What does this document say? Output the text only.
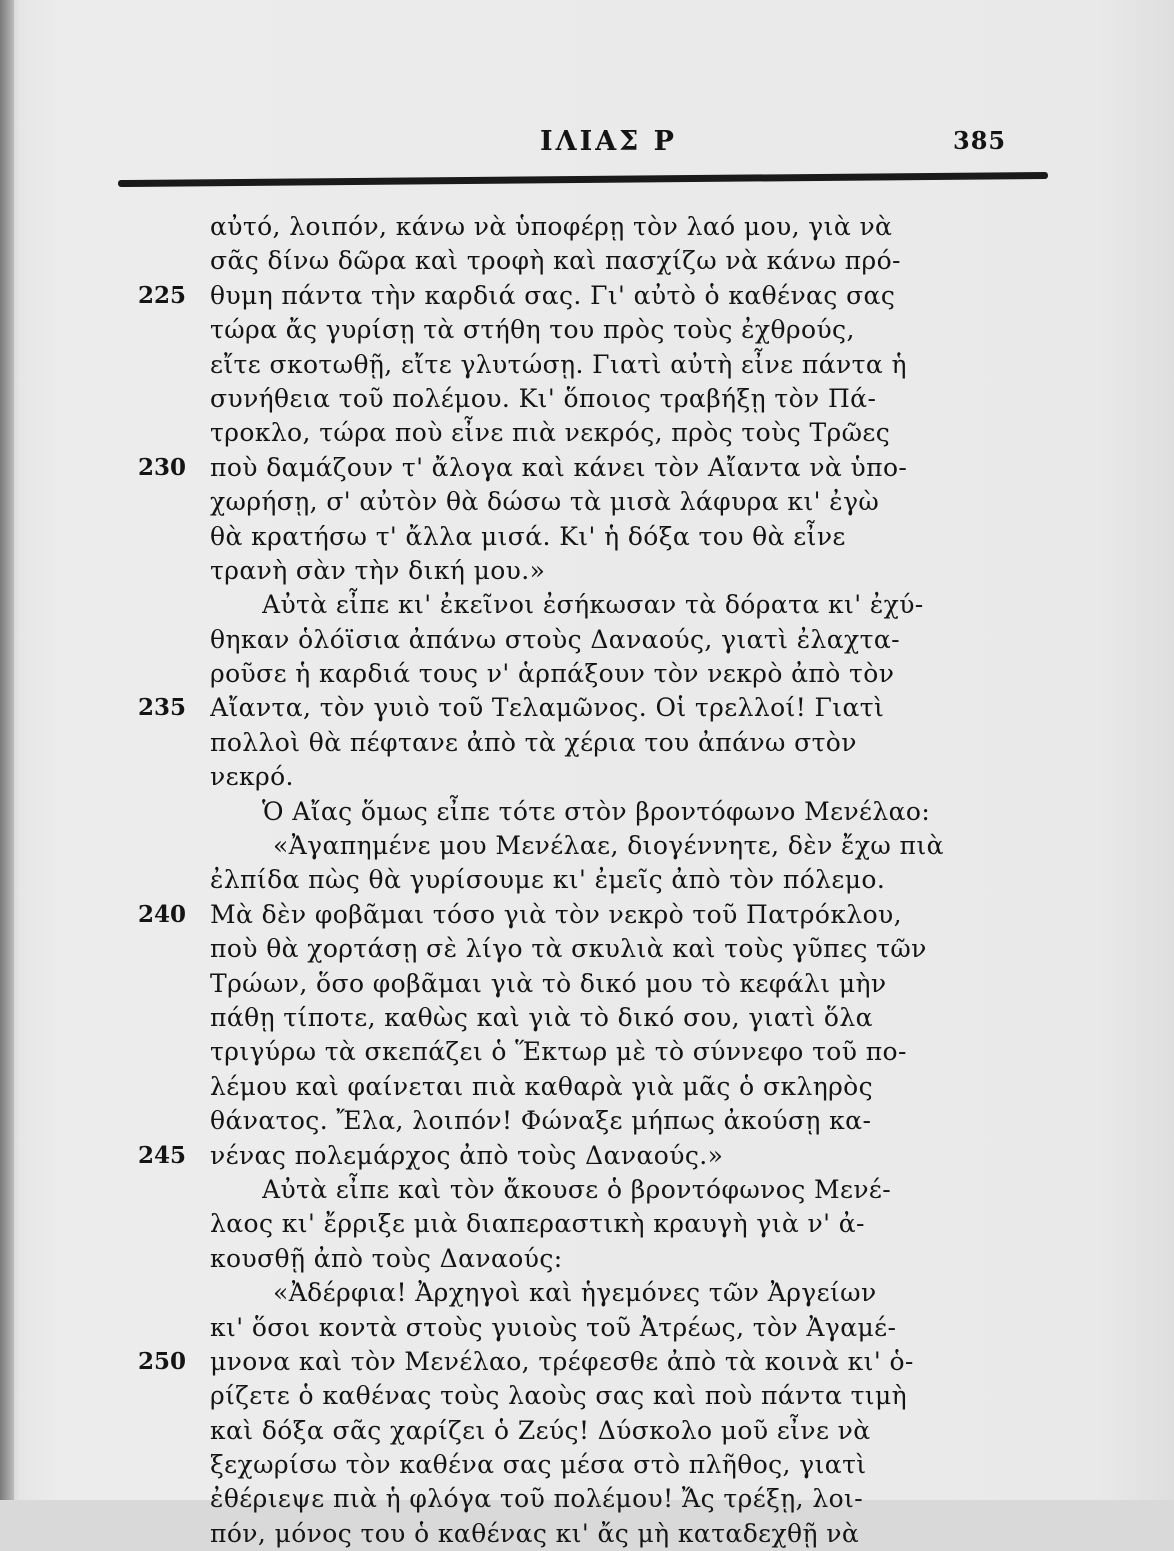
ΙΛΙΑΣ Ρ	385
αὐτό, λοιπόν, κάνω νὰ ὑποφέρῃ τὸν λαό μου, γιὰ νὰ
σᾶς δίνω δῶρα καὶ τροφὴ καὶ πασχίζω νὰ κάνω πρό-
225 θυμη πάντα τὴν καρδιά σας. Γι' αὐτὸ ὁ καθένας σας
τώρα ἄς γυρίσῃ τὰ στήθη του πρὸς τοὺς ἐχθρούς,
εἴτε σκοτωθῇ, εἴτε γλυτώσῃ. Γιατὶ αὐτὴ εἶνε πάντα ἡ
συνήθεια τοῦ πολέμου. Κι' ὅποιος τραβήξῃ τὸν Πά-
τροκλο, τώρα ποὺ εἶνε πιὰ νεκρός, πρὸς τοὺς Τρῶες
230 ποὺ δαμάζουν τ' ἄλογα καὶ κάνει τὸν Αἴαντα νὰ ὑπο-
χωρήσῃ, σ' αὐτὸν θὰ δώσω τὰ μισὰ λάφυρα κι' ἐγὼ
θὰ κρατήσω τ' ἄλλα μισά. Κι' ἡ δόξα του θὰ εἶνε
τρανὴ σὰν τὴν δική μου.»
Αὐτὰ εἶπε κι' ἐκεῖνοι ἐσήκωσαν τὰ δόρατα κι' ἐχύ-
θηκαν ὁλόϊσια ἀπάνω στοὺς Δαναούς, γιατὶ ἐλαχτα-
ροῦσε ἡ καρδιά τους ν' ἁρπάξουν τὸν νεκρὸ ἀπὸ τὸν
235 Αἴαντα, τὸν γυιὸ τοῦ Τελαμῶνος. Οἱ τρελλοί! Γιατὶ
πολλοὶ θὰ πέφτανε ἀπὸ τὰ χέρια του ἀπάνω στὸν
νεκρό.
Ὁ Αἴας ὅμως εἶπε τότε στὸν βροντόφωνο Μενέλαο:
«Ἀγαπημένε μου Μενέλαε, διογέννητε, δὲν ἔχω πιὰ
ἐλπίδα πὼς θὰ γυρίσουμε κι' ἐμεῖς ἀπὸ τὸν πόλεμο.
240 Μὰ δὲν φοβᾶμαι τόσο γιὰ τὸν νεκρὸ τοῦ Πατρόκλου,
ποὺ θὰ χορτάσῃ σὲ λίγο τὰ σκυλιὰ καὶ τοὺς γῦπες τῶν
Τρώων, ὅσο φοβᾶμαι γιὰ τὸ δικό μου τὸ κεφάλι μὴν
πάθῃ τίποτε, καθὼς καὶ γιὰ τὸ δικό σου, γιατὶ ὅλα
τριγύρω τὰ σκεπάζει ὁ Ἕκτωρ μὲ τὸ σύννεφο τοῦ πο-
λέμου καὶ φαίνεται πιὰ καθαρὰ γιὰ μᾶς ὁ σκληρὸς
θάνατος. Ἔλα, λοιπόν! Φώναξε μήπως ἀκούσῃ κα-
245 νένας πολεμάρχος ἀπὸ τοὺς Δαναούς.»
Αὐτὰ εἶπε καὶ τὸν ἄκουσε ὁ βροντόφωνος Μενέ-
λαος κι' ἔρριξε μιὰ διαπεραστικὴ κραυγὴ γιὰ ν' ἀ-
κουσθῇ ἀπὸ τοὺς Δαναούς:
«Ἀδέρφια! Ἀρχηγοὶ καὶ ἡγεμόνες τῶν Ἀργείων
κι' ὅσοι κοντὰ στοὺς γυιοὺς τοῦ Ἀτρέως, τὸν Ἀγαμέ-
250 μνονα καὶ τὸν Μενέλαο, τρέφεσθε ἀπὸ τὰ κοινὰ κι' ὁ-
ρίζετε ὁ καθένας τοὺς λαοὺς σας καὶ ποὺ πάντα τιμὴ
καὶ δόξα σᾶς χαρίζει ὁ Ζεύς! Δύσκολο μοῦ εἶνε νὰ
ξεχωρίσω τὸν καθένα σας μέσα στὸ πλῆθος, γιατὶ
ἐθέριεψε πιὰ ἡ φλόγα τοῦ πολέμου! Ἄς τρέξῃ, λοι-
πόν, μόνος του ὁ καθένας κι' ἄς μὴ καταδεχθῇ νὰ
